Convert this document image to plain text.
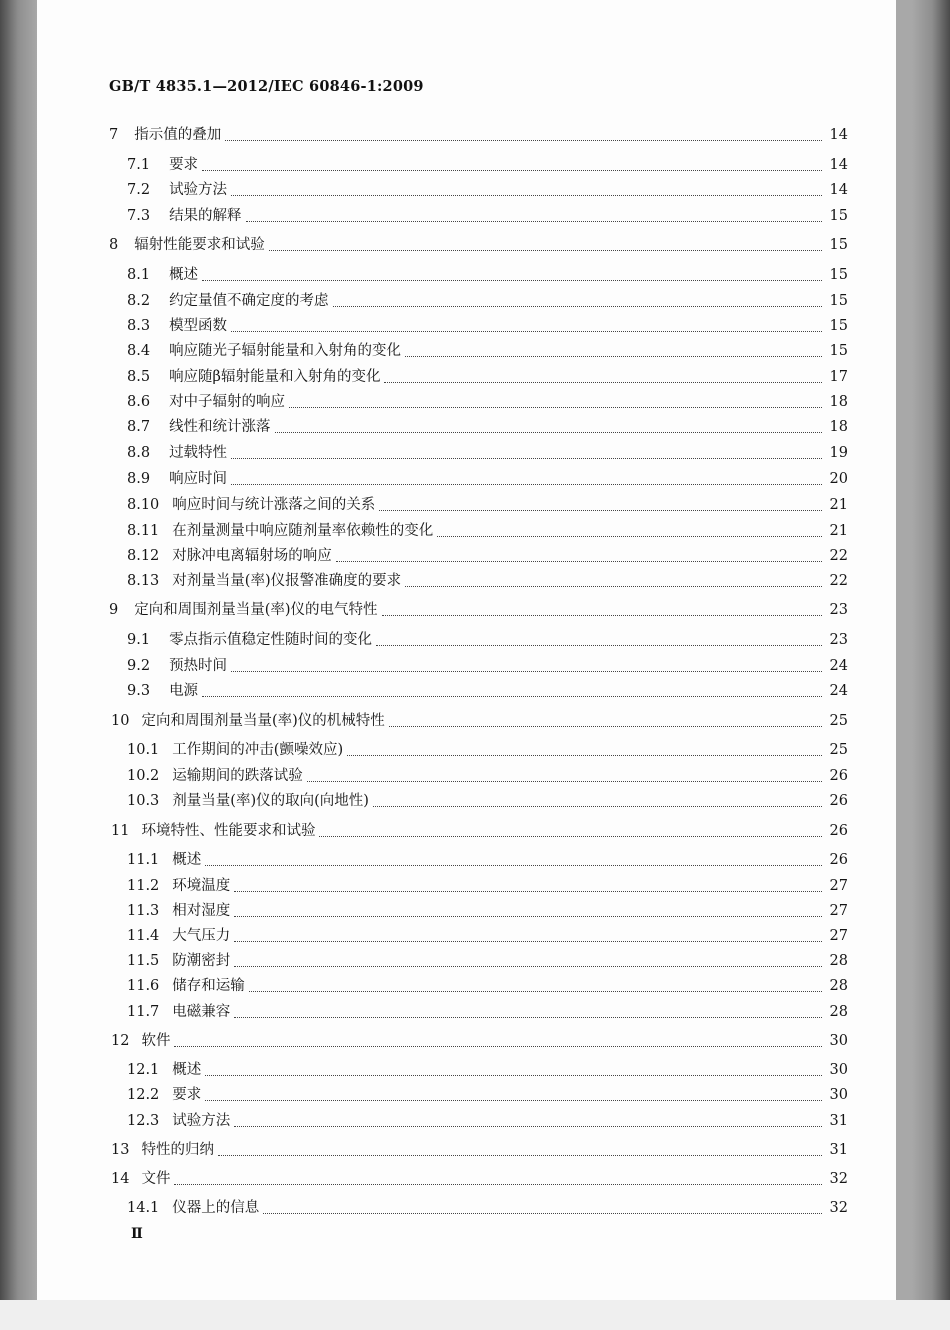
GB/T 4835.1—2012/IEC 60846-1:2009
7 指示值的叠加	14
7.1 要求	14
7.2 试验方法	14
7.3 结果的解释	15
8 辐射性能要求和试验	15
8.1 概述	15
8.2 约定量值不确定度的考虑	15
8.3 模型函数	15
8.4 响应随光子辐射能量和入射角的变化	15
8.5 响应随β辐射能量和入射角的变化	17
8.6 对中子辐射的响应	18
8.7 线性和统计涨落	18
8.8 过载特性	19
8.9 响应时间	20
8.10 响应时间与统计涨落之间的关系	21
8.11 在剂量测量中响应随剂量率依赖性的变化	21
8.12 对脉冲电离辐射场的响应	22
8.13 对剂量当量(率)仪报警准确度的要求	22
9 定向和周围剂量当量(率)仪的电气特性	23
9.1 零点指示值稳定性随时间的变化	23
9.2 预热时间	24
9.3 电源	24
10 定向和周围剂量当量(率)仪的机械特性	25
10.1 工作期间的冲击(颤噪效应)	25
10.2 运输期间的跌落试验	26
10.3 剂量当量(率)仪的取向(向地性)	26
11 环境特性、性能要求和试验	26
11.1 概述	26
11.2 环境温度	27
11.3 相对湿度	27
11.4 大气压力	27
11.5 防潮密封	28
11.6 储存和运输	28
11.7 电磁兼容	28
12 软件	30
12.1 概述	30
12.2 要求	30
12.3 试验方法	31
13 特性的归纳	31
14 文件	32
14.1 仪器上的信息	32
Ⅱ
